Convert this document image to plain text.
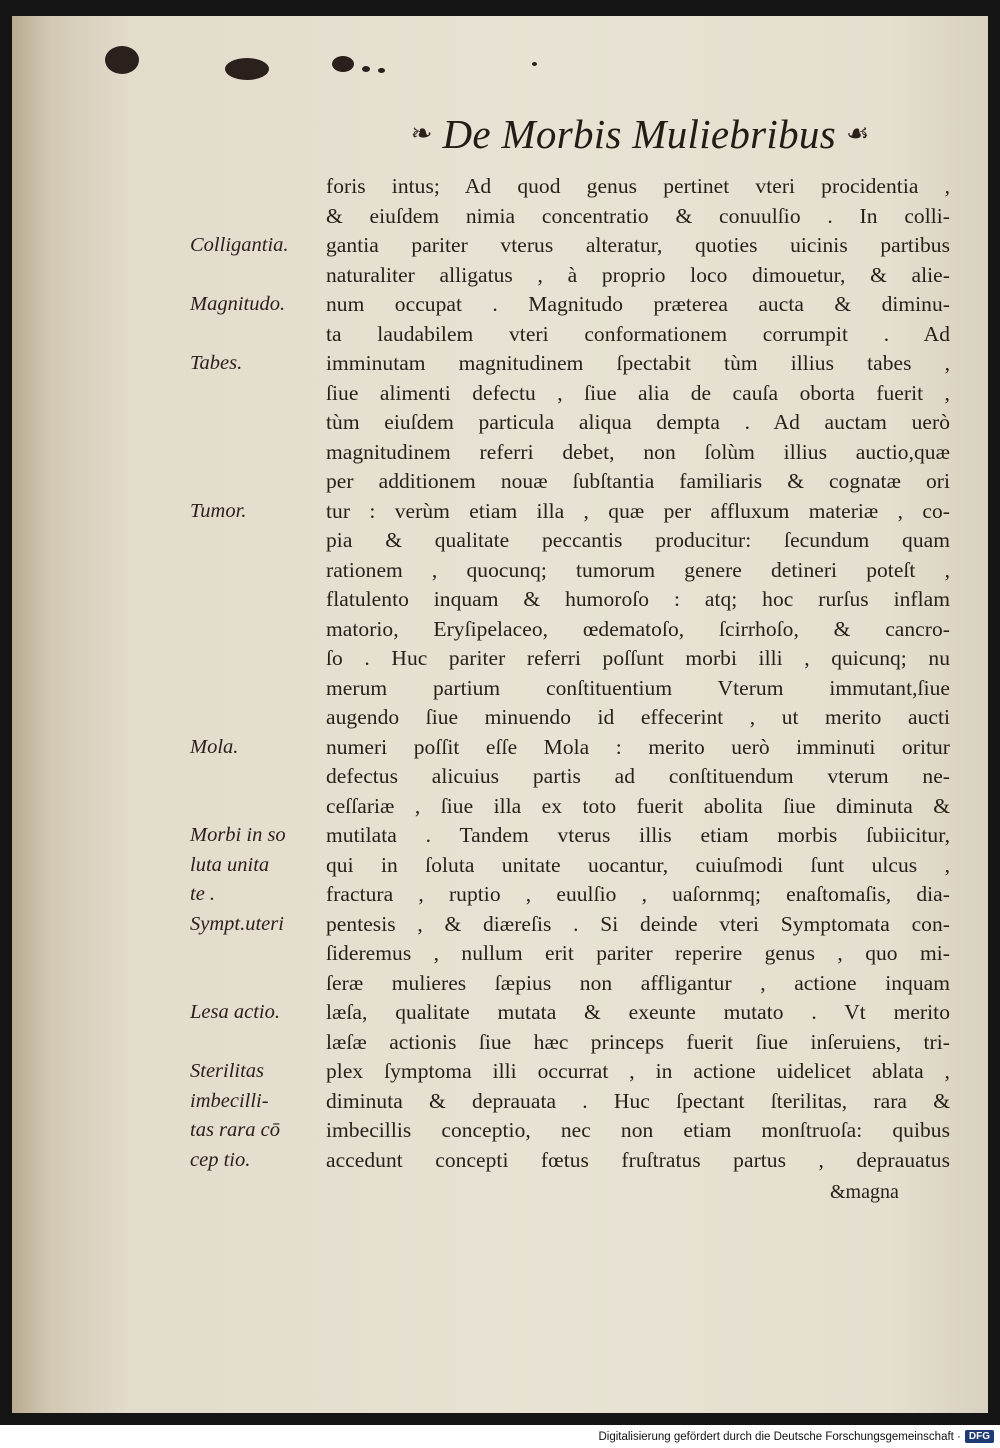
❧ De Morbis Muliebribus ☙
Colligantia.
Magnitudo.
Tabes.
Tumor.
Mola.
Morbi in so
luta unita
te .
Sympt.uteri
Lesa actio.
Sterilitas
imbecilli-
tas rara cō
cep tio.
foris intus; Ad quod genus pertinet vteri procidentia ,
& eiuſdem nimia concentratio & conuulſio . In colli-
gantia pariter vterus alteratur, quoties uicinis partibus
naturaliter alligatus , à proprio loco dimouetur, & alie-
num occupat . Magnitudo præterea aucta & diminu-
ta laudabilem vteri conformationem corrumpit . Ad
imminutam magnitudinem ſpectabit tùm illius tabes ,
ſiue alimenti defectu , ſiue alia de cauſa oborta fuerit ,
tùm eiuſdem particula aliqua dempta . Ad auctam uerò
magnitudinem referri debet, non ſolùm illius auctio,quæ
per additionem nouæ ſubſtantia familiaris & cognatæ ori
tur : verùm etiam illa , quæ per affluxum materiæ , co-
pia & qualitate peccantis producitur: ſecundum quam
rationem , quocunq; tumorum genere detineri poteſt ,
flatulento inquam & humoroſo : atq; hoc rurſus inflam
matorio, Eryſipelaceo, œdematoſo, ſcirrhoſo, & cancro-
ſo . Huc pariter referri poſſunt morbi illi , quicunq; nu
merum partium conſtituentium Vterum immutant,ſiue
augendo ſiue minuendo id effecerint , ut merito aucti
numeri poſſit eſſe Mola : merito uerò imminuti oritur
defectus alicuius partis ad conſtituendum vterum ne-
ceſſariæ , ſiue illa ex toto fuerit abolita ſiue diminuta &
mutilata . Tandem vterus illis etiam morbis ſubiicitur,
qui in ſoluta unitate uocantur, cuiuſmodi ſunt ulcus ,
fractura , ruptio , euulſio , uaſornmq; enaſtomaſis, dia-
pentesis , & diæreſis . Si deinde vteri Symptomata con-
ſideremus , nullum erit pariter reperire genus , quo mi-
ſeræ mulieres ſæpius non affligantur , actione inquam
læſa, qualitate mutata & exeunte mutato . Vt merito
læſæ actionis ſiue hæc princeps fuerit ſiue inſeruiens, tri-
plex ſymptoma illi occurrat , in actione uidelicet ablata ,
diminuta & deprauata . Huc ſpectant ſterilitas, rara &
imbecillis conceptio, nec non etiam monſtruoſa: quibus
accedunt concepti fœtus fruſtratus partus , deprauatus
&magna
Digitalisierung gefördert durch die Deutsche Forschungsgemeinschaft · DFG
